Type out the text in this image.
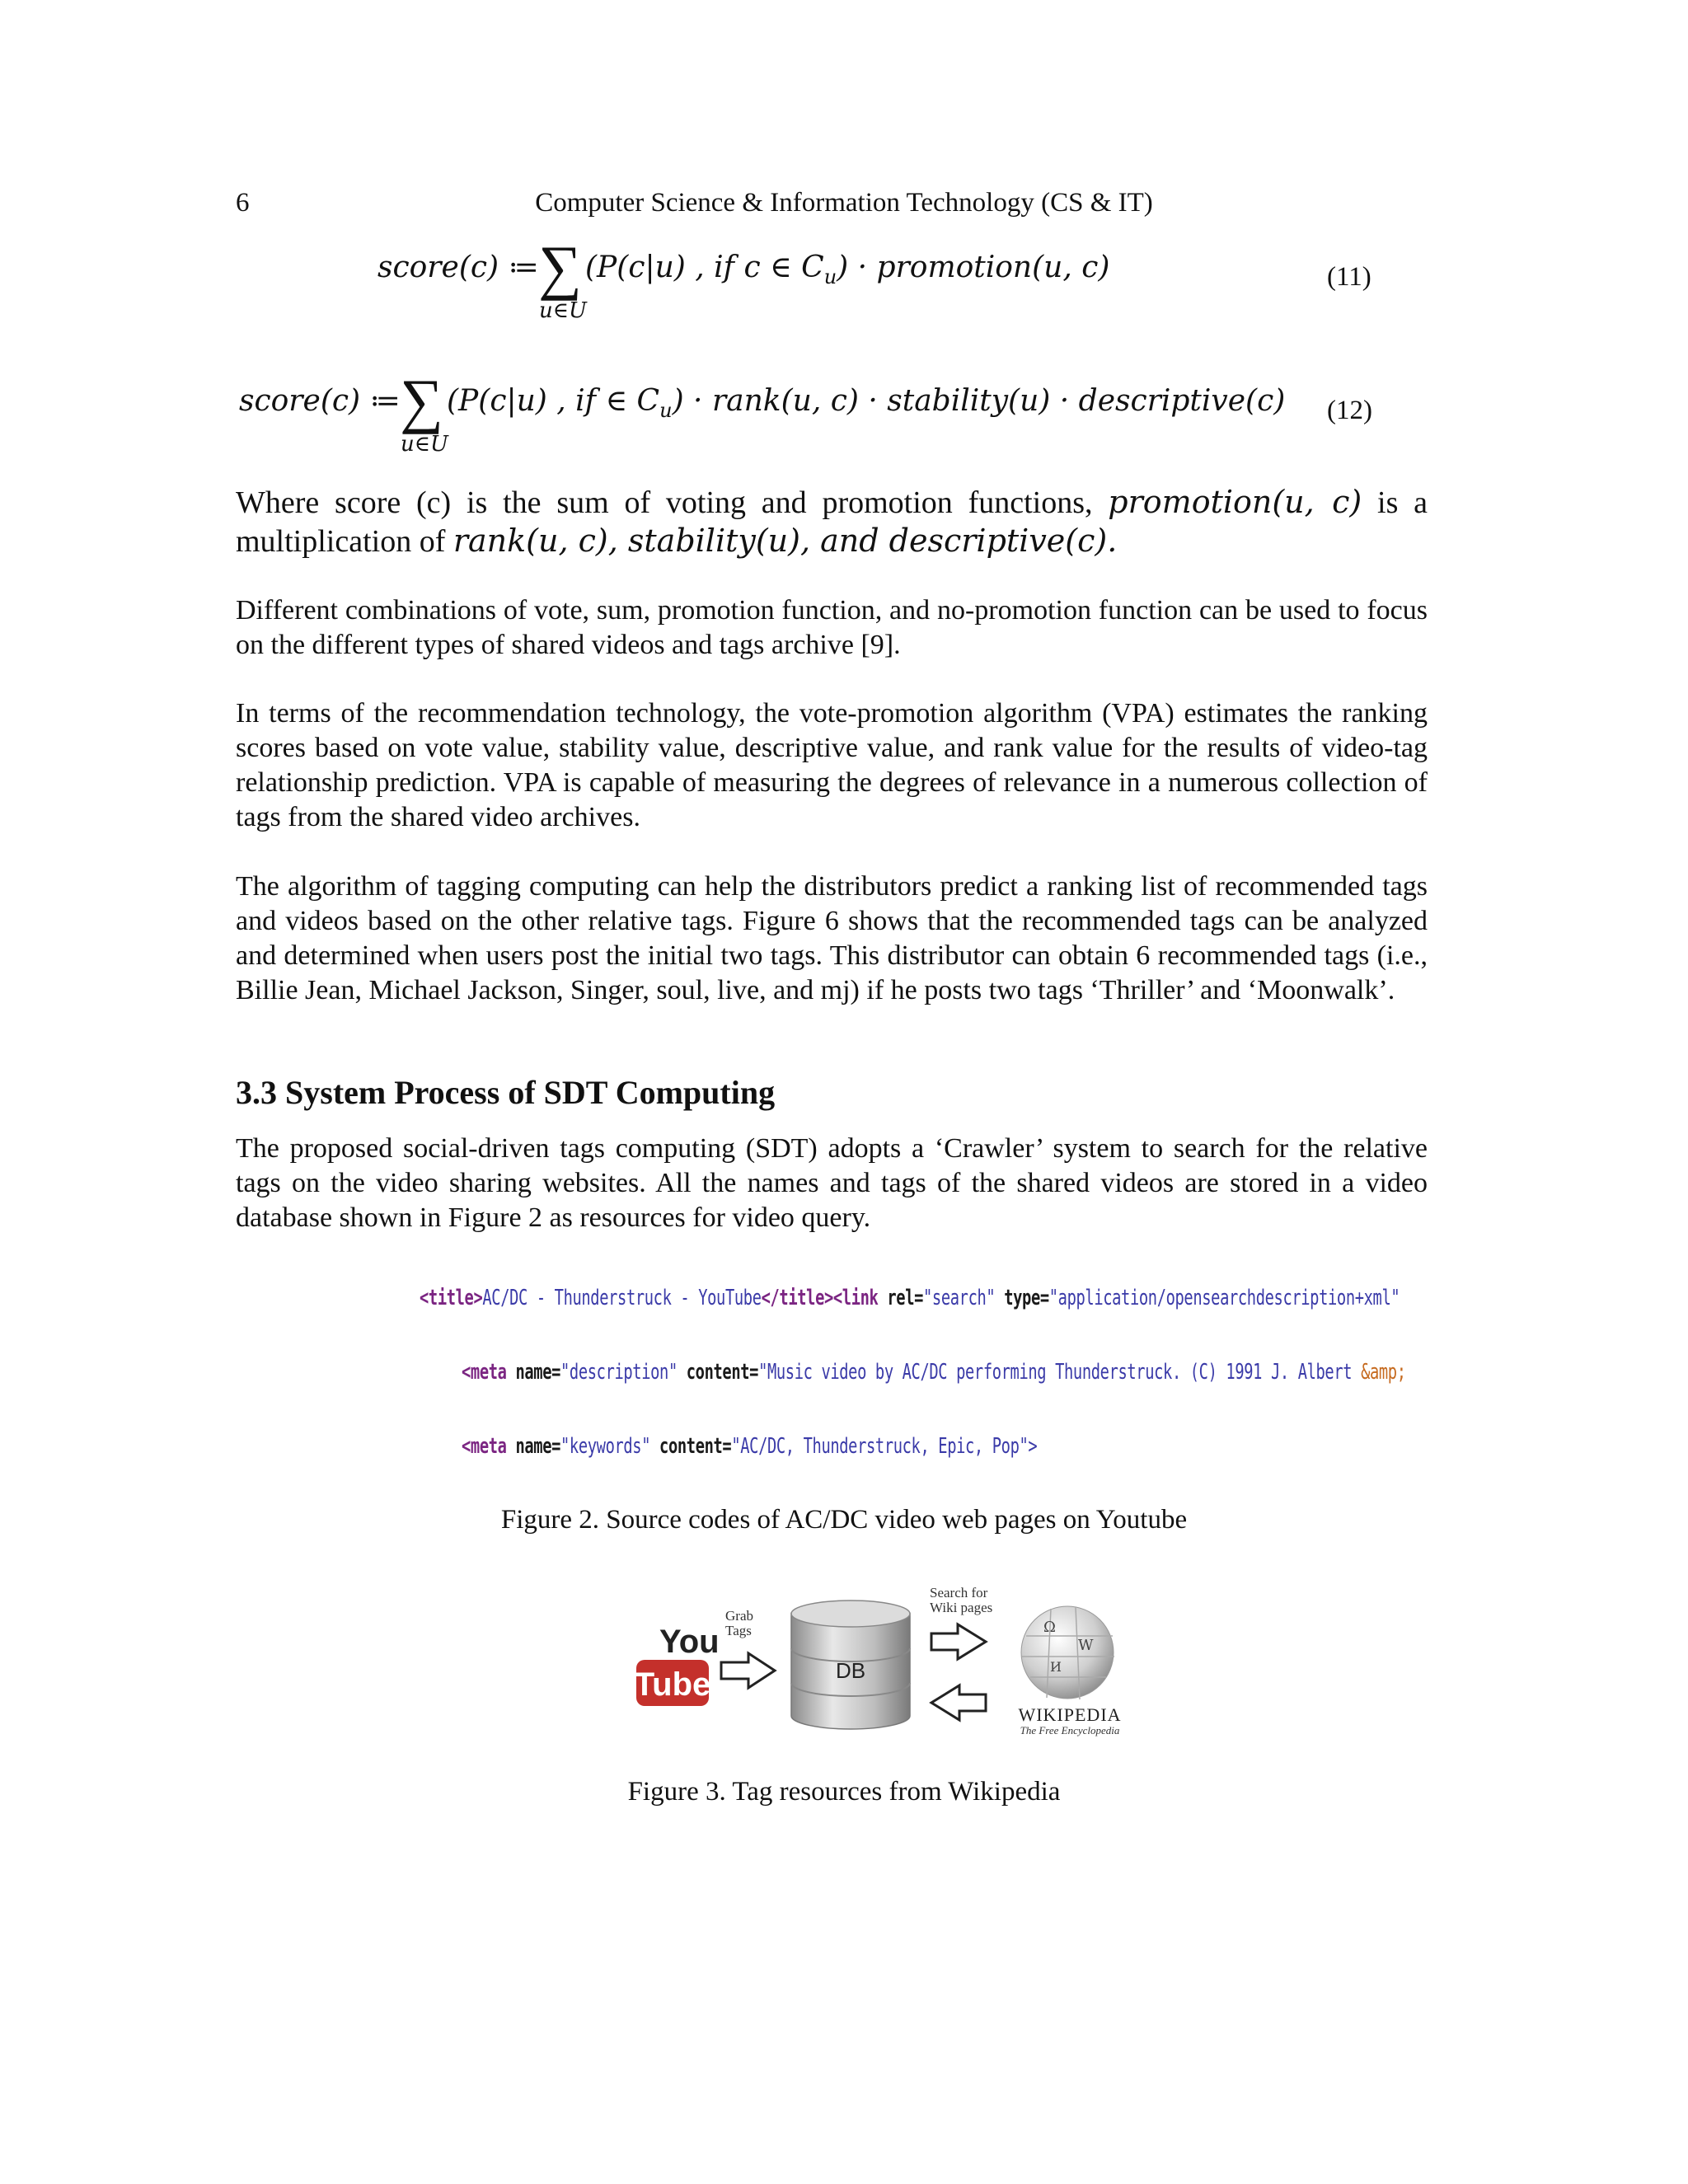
6	Computer Science & Information Technology (CS & IT)
score(c) ≔ ∑
u∈U
(P(c|u) , if c ∈ $C_u$) · promotion(u, c)	(11)
score(c) ≔ ∑
u∈U
(P(c|u) , if ∈ $C_u$) · rank(u, c) · stability(u) · descriptive(c) (12)
Where score (c) is the sum of voting and promotion functions, promotion(u, c) is a multiplication of rank(u, c), stability(u), and descriptive(c).
Different combinations of vote, sum, promotion function, and no-promotion function can be used to focus on the different types of shared videos and tags archive [9].
In terms of the recommendation technology, the vote-promotion algorithm (VPA) estimates the ranking scores based on vote value, stability value, descriptive value, and rank value for the results of video-tag relationship prediction. VPA is capable of measuring the degrees of relevance in a numerous collection of tags from the shared video archives.
The algorithm of tagging computing can help the distributors predict a ranking list of recommended tags and videos based on the other relative tags. Figure 6 shows that the recommended tags can be analyzed and determined when users post the initial two tags. This distributor can obtain 6 recommended tags (i.e., Billie Jean, Michael Jackson, Singer, soul, live, and mj) if he posts two tags ‘Thriller’ and ‘Moonwalk’.
3.3 System Process of SDT Computing
The proposed social-driven tags computing (SDT) adopts a ‘Crawler’ system to search for the relative tags on the video sharing websites. All the names and tags of the shared videos are stored in a video database shown in Figure 2 as resources for video query.
<title>AC/DC - Thunderstruck - YouTube</title><link rel="search" type="application/opensearchdescription+xml"
<meta name="description" content="Music video by AC/DC performing Thunderstruck. (C) 1991 J. Albert &amp;
<meta name="keywords" content="AC/DC, Thunderstruck, Epic, Pop">
Figure 2. Source codes of AC/DC video web pages on Youtube
You
Tube
Grab
Tags
DB
Search for
Wiki pages
Ω
W
И
WIKIPEDIA
The Free Encyclopedia
Figure 3. Tag resources from Wikipedia
